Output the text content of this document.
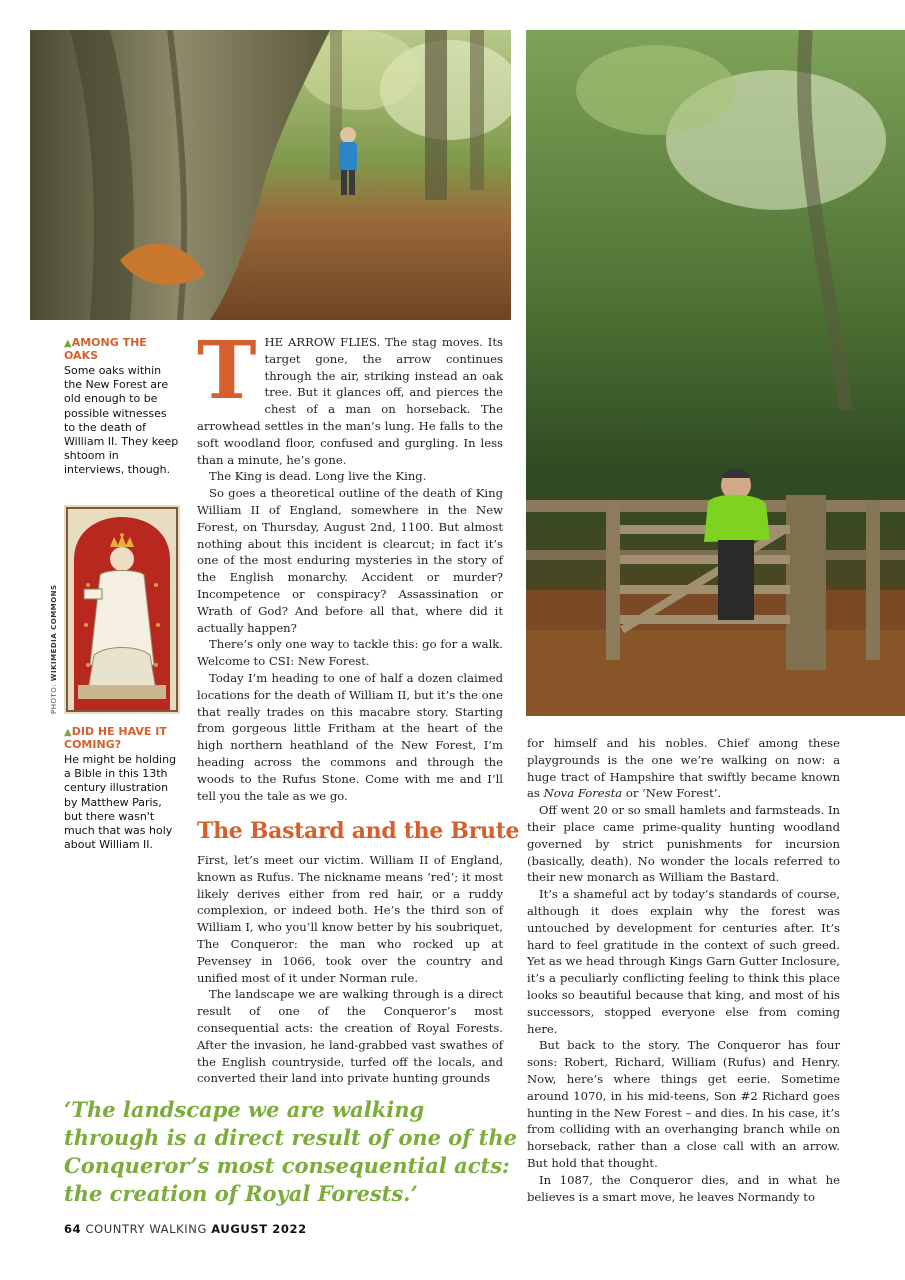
▲AMONG THE OAKS
Some oaks within the New Forest are old enough to be possible witnesses to the death of William II. They keep shtoom in interviews, though.
PHOTO: WIKIMEDIA COMMONS
▲DID HE HAVE IT COMING?
He might be holding a Bible in this 13th century illustration by Matthew Paris, but there wasn't much that was holy about William II.

THE ARROW FLIES. The stag moves. Its target gone, the arrow continues through the air, striking instead an oak tree. But it glances off, and pierces the chest of a man on horseback. The arrowhead settles in the man’s lung. He falls to the soft woodland floor, confused and gurgling. In less than a minute, he’s gone.

The King is dead. Long live the King.

So goes a theoretical outline of the death of King William II of England, somewhere in the New Forest, on Thursday, August 2nd, 1100. But almost nothing about this incident is clearcut; in fact it’s one of the most enduring mysteries in the story of the English monarchy. Accident or murder? Incompetence or conspiracy? Assassination or Wrath of God? And before all that, where did it actually happen?

There’s only one way to tackle this: go for a walk. Welcome to CSI: New Forest.

Today I’m heading to one of half a dozen claimed locations for the death of William II, but it’s the one that really trades on this macabre story. Starting from gorgeous little Fritham at the heart of the high northern heathland of the New Forest, I’m heading across the commons and through the woods to the Rufus Stone. Come with me and I’ll tell you the tale as we go.

The Bastard and the Brute

First, let’s meet our victim. William II of England, known as Rufus. The nickname means ‘red’; it most likely derives either from red hair, or a ruddy complexion, or indeed both. He’s the third son of William I, who you’ll know better by his soubriquet, The Conqueror: the man who rocked up at Pevensey in 1066, took over the country and unified most of it under Norman rule.

The landscape we are walking through is a direct result of one of the Conqueror’s most consequential acts: the creation of Royal Forests. After the invasion, he land-grabbed vast swathes of the English countryside, turfed off the locals, and converted their land into private hunting grounds

for himself and his nobles. Chief among these playgrounds is the one we’re walking on now: a huge tract of Hampshire that swiftly became known as Nova Foresta or ‘New Forest’.

Off went 20 or so small hamlets and farmsteads. In their place came prime-quality hunting woodland governed by strict punishments for incursion (basically, death). No wonder the locals referred to their new monarch as William the Bastard.

It’s a shameful act by today’s standards of course, although it does explain why the forest was untouched by development for centuries after. It’s hard to feel gratitude in the context of such greed. Yet as we head through Kings Garn Gutter Inclosure, it’s a peculiarly conflicting feeling to think this place looks so beautiful because that king, and most of his successors, stopped everyone else from coming here.

But back to the story. The Conqueror has four sons: Robert, Richard, William (Rufus) and Henry. Now, here’s where things get eerie. Sometime around 1070, in his mid-teens, Son #2 Richard goes hunting in the New Forest – and dies. In his case, it’s from colliding with an overhanging branch while on horseback, rather than a close call with an arrow. But hold that thought.

In 1087, the Conqueror dies, and in what he believes is a smart move, he leaves Normandy to

‘The landscape we are walking through is a direct result of one of the Conqueror’s most consequential acts: the creation of Royal Forests.’
64 COUNTRY WALKING AUGUST 2022
